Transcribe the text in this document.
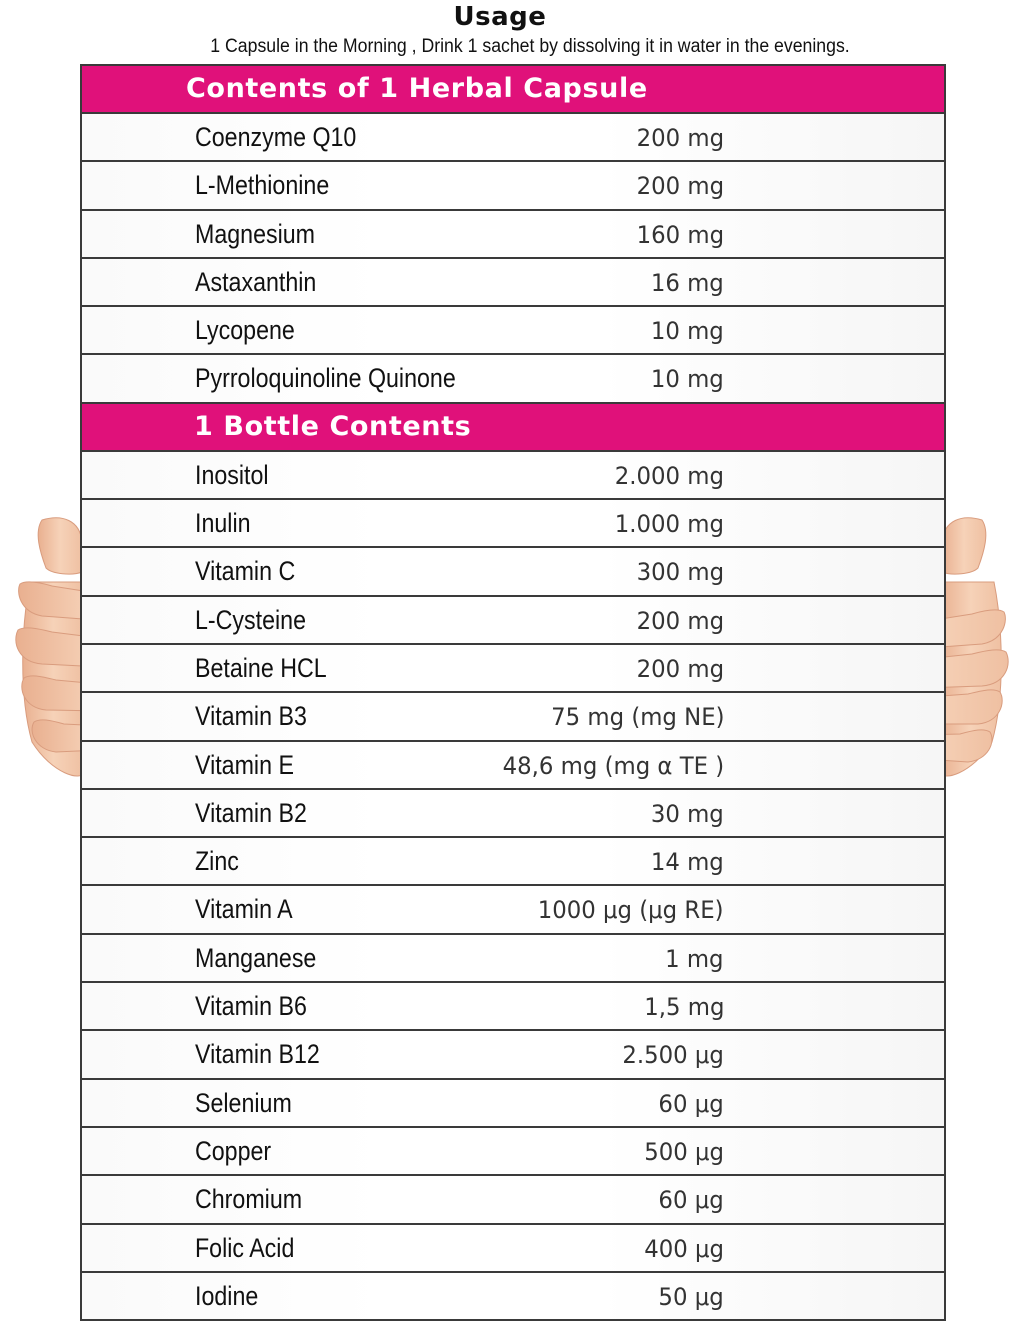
Usage
1 Capsule in the Morning , Drink 1 sachet by dissolving it in water in the evenings.
Contents of 1 Herbal Capsule
Coenzyme Q10	200 mg
L-Methionine	200 mg
Magnesium	160 mg
Astaxanthin	16 mg
Lycopene	10 mg
Pyrroloquinoline Quinone	10 mg
1 Bottle Contents
Inositol	2.000 mg
Inulin	1.000 mg
Vitamin C	300 mg
L-Cysteine	200 mg
Betaine HCL	200 mg
Vitamin B3	75 mg (mg NE)
Vitamin E	48,6 mg (mg α TE )
Vitamin B2	30 mg
Zinc	14 mg
Vitamin A	1000 μg (μg RE)
Manganese	1 mg
Vitamin B6	1,5 mg
Vitamin B12	2.500 μg
Selenium	60 μg
Copper	500 μg
Chromium	60 μg
Folic Acid	400 μg
Iodine	50 μg
